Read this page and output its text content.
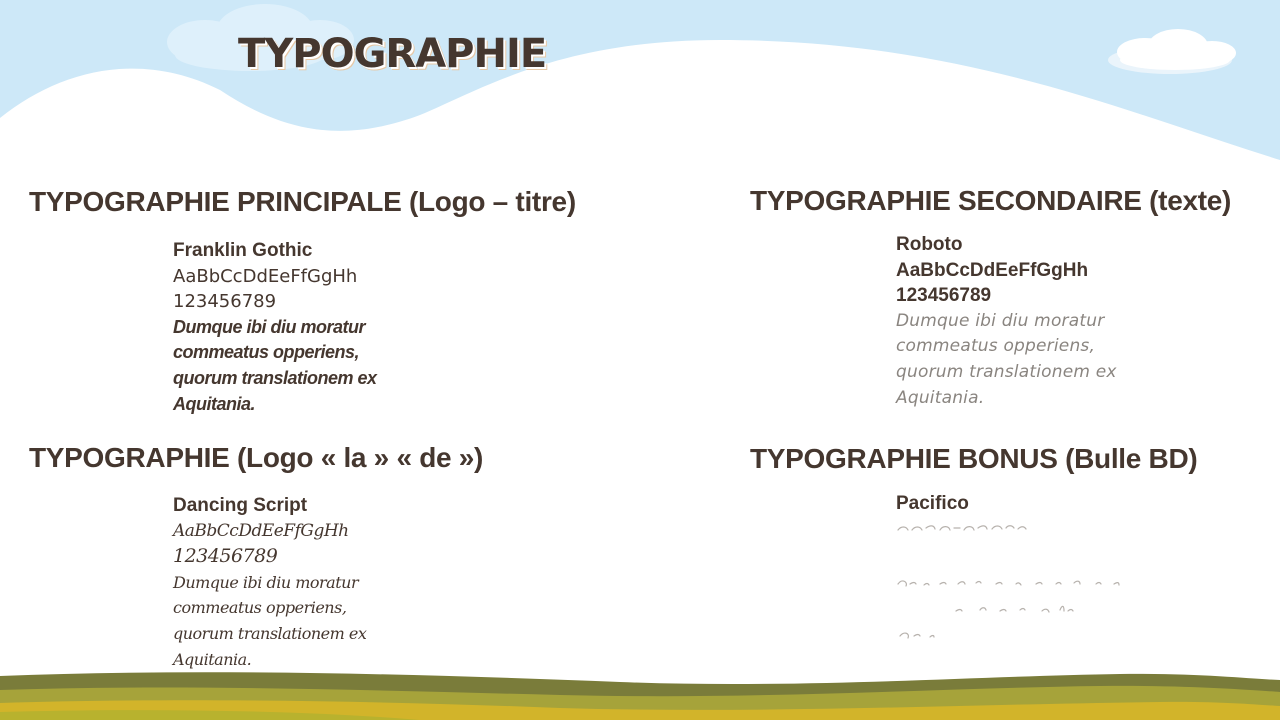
TYPOGRAPHIE
TYPOGRAPHIE PRINCIPALE (Logo – titre)
Franklin Gothic
AaBbCcDdEeFfGgHh
123456789
Dumque ibi diu moratur commeatus opperiens, quorum translationem ex Aquitania.
TYPOGRAPHIE SECONDAIRE (texte)
Roboto
AaBbCcDdEeFfGgHh
123456789
Dumque ibi diu moratur commeatus opperiens, quorum translationem ex Aquitania.
TYPOGRAPHIE (Logo « la » « de »)
Dancing Script
AaBbCcDdEeFfGgHh
123456789
Dumque ibi diu moratur commeatus opperiens, quorum translationem ex Aquitania.
TYPOGRAPHIE BONUS (Bulle BD)
Pacifico
